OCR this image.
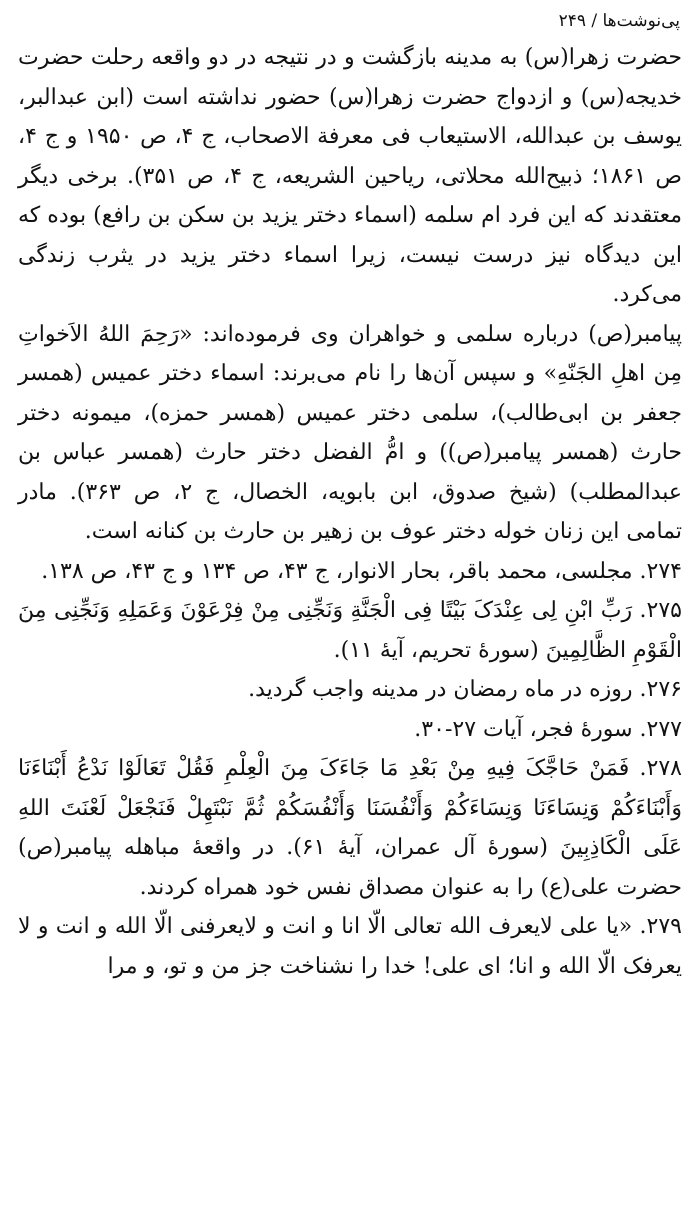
پی‌نوشت‌ها / ۲۴۹

حضرت زهرا(س) به مدینه بازگشت و در نتیجه در دو واقعه رحلت حضرت خدیجه(س) و ازدواج حضرت زهرا(س) حضور نداشته است (ابن عبدالبر، یوسف بن عبدالله، الاستیعاب فی معرفة الاصحاب، ج ۴، ص ۱۹۵۰ و ج ۴، ص ۱۸۶۱؛ ذبیح‌الله محلاتی، ریاحین الشریعه، ج ۴، ص ۳۵۱). برخی دیگر معتقدند که این فرد ام سلمه (اسماء دختر یزید بن سکن بن رافع) بوده که این دیدگاه نیز درست نیست، زیرا اسماء دختر یزید در یثرب زندگی می‌کرد.

پیامبر(ص) درباره سلمی و خواهران وی فرموده‌اند: «رَحِمَ اللهُ الاَخواتِ مِن اهلِ الجَنّهِ» و سپس آن‌ها را نام می‌برند: اسماء دختر عمیس (همسر جعفر بن ابی‌طالب)، سلمی دختر عمیس (همسر حمزه)، میمونه دختر حارث (همسر پیامبر(ص)) و امُّ الفضل دختر حارث (همسر عباس بن عبدالمطلب) (شیخ صدوق، ابن بابویه، الخصال، ج ۲، ص ۳۶۳). مادر تمامی این زنان خوله دختر عوف بن زهیر بن حارث بن کنانه است.

۲۷۴. مجلسی، محمد باقر، بحار الانوار، ج ۴۳، ص ۱۳۴ و ج ۴۳، ص ۱۳۸.

۲۷۵. رَبِّ ابْنِ لِی عِنْدَکَ بَیْتًا فِی الْجَنَّةِ وَنَجِّنِی مِنْ فِرْعَوْنَ وَعَمَلِهِ وَنَجِّنِی مِنَ الْقَوْمِ الظَّالِمِینَ (سورهٔ تحریم، آیهٔ ۱۱).

۲۷۶. روزه در ماه رمضان در مدینه واجب گردید.

۲۷۷. سورهٔ فجر، آیات ۲۷-۳۰.

۲۷۸. فَمَنْ حَاجَّکَ فِیهِ مِنْ بَعْدِ مَا جَاءَکَ مِنَ الْعِلْمِ فَقُلْ تَعَالَوْا نَدْعُ أَبْنَاءَنَا وَأَبْنَاءَکُمْ وَنِسَاءَنَا وَنِسَاءَکُمْ وَأَنْفُسَنَا وَأَنْفُسَکُمْ ثُمَّ نَبْتَهِلْ فَنَجْعَلْ لَعْنَتَ اللهِ عَلَى الْکَاذِبِینَ (سورهٔ آل عمران، آیهٔ ۶۱). در واقعهٔ مباهله پیامبر(ص) حضرت علی(ع) را به عنوان مصداق نفس خود همراه کردند.

۲۷۹. «یا علی لایعرف الله تعالی الّا انا و انت و لایعرفنی الّا الله و انت و لا یعرفک الّا الله و انا؛ ای علی! خدا را نشناخت جز من و تو، و مرا
